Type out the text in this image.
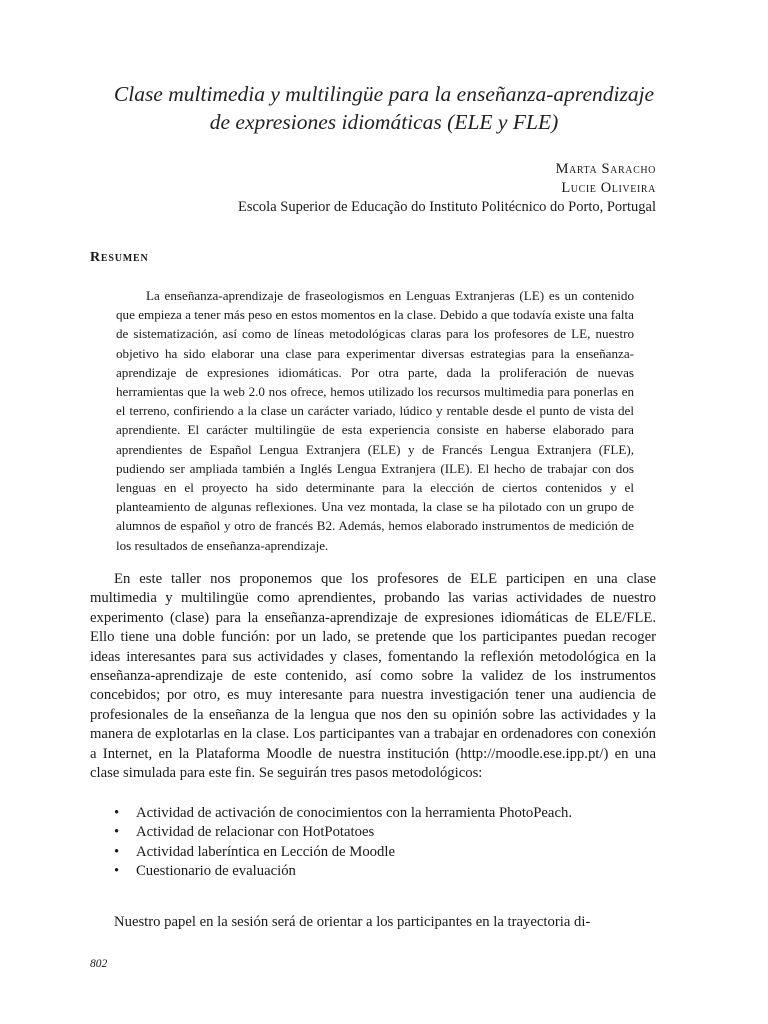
Clase multimedia y multilingüe para la enseñanza-aprendizaje
de expresiones idiomáticas (ELE y FLE)
Marta Saracho
Lucie Oliveira
Escola Superior de Educação do Instituto Politécnico do Porto, Portugal
Resumen

La enseñanza-aprendizaje de fraseologismos en Lenguas Extranjeras (LE) es un contenido que empieza a tener más peso en estos momentos en la clase. Debido a que todavía existe una falta de sistematización, así como de líneas metodológicas claras para los profesores de LE, nuestro objetivo ha sido elaborar una clase para experimentar diversas estrategias para la enseñanza-aprendizaje de expresiones idiomáticas. Por otra parte, dada la proliferación de nuevas herramientas que la web 2.0 nos ofrece, hemos utilizado los recursos multimedia para ponerlas en el terreno, confiriendo a la clase un carácter variado, lúdico y rentable desde el punto de vista del aprendiente. El carácter multilingüe de esta experiencia consiste en haberse elaborado para aprendientes de Español Lengua Extranjera (ELE) y de Francés Lengua Extranjera (FLE), pudiendo ser ampliada también a Inglés Lengua Extranjera (ILE). El hecho de trabajar con dos lenguas en el proyecto ha sido determinante para la elección de ciertos contenidos y el planteamiento de algunas reflexiones. Una vez montada, la clase se ha pilotado con un grupo de alumnos de español y otro de francés B2. Además, hemos elaborado instrumentos de medición de los resultados de enseñanza-aprendizaje.

En este taller nos proponemos que los profesores de ELE participen en una clase multimedia y multilingüe como aprendientes, probando las varias actividades de nuestro experimento (clase) para la enseñanza-aprendizaje de expresiones idiomáticas de ELE/FLE. Ello tiene una doble función: por un lado, se pretende que los participantes puedan recoger ideas interesantes para sus actividades y clases, fomentando la reflexión metodológica en la enseñanza-aprendizaje de este contenido, así como sobre la validez de los instrumentos concebidos; por otro, es muy interesante para nuestra investigación tener una audiencia de profesionales de la enseñanza de la lengua que nos den su opinión sobre las actividades y la manera de explotarlas en la clase. Los participantes van a trabajar en ordenadores con conexión a Internet, en la Plataforma Moodle de nuestra institución (http://moodle.ese.ipp.pt/) en una clase simulada para este fin. Se seguirán tres pasos metodológicos:

• Actividad de activación de conocimientos con la herramienta PhotoPeach.
• Actividad de relacionar con HotPotatoes
• Actividad laberíntica en Lección de Moodle
• Cuestionario de evaluación

Nuestro papel en la sesión será de orientar a los participantes en la trayectoria di-

802
